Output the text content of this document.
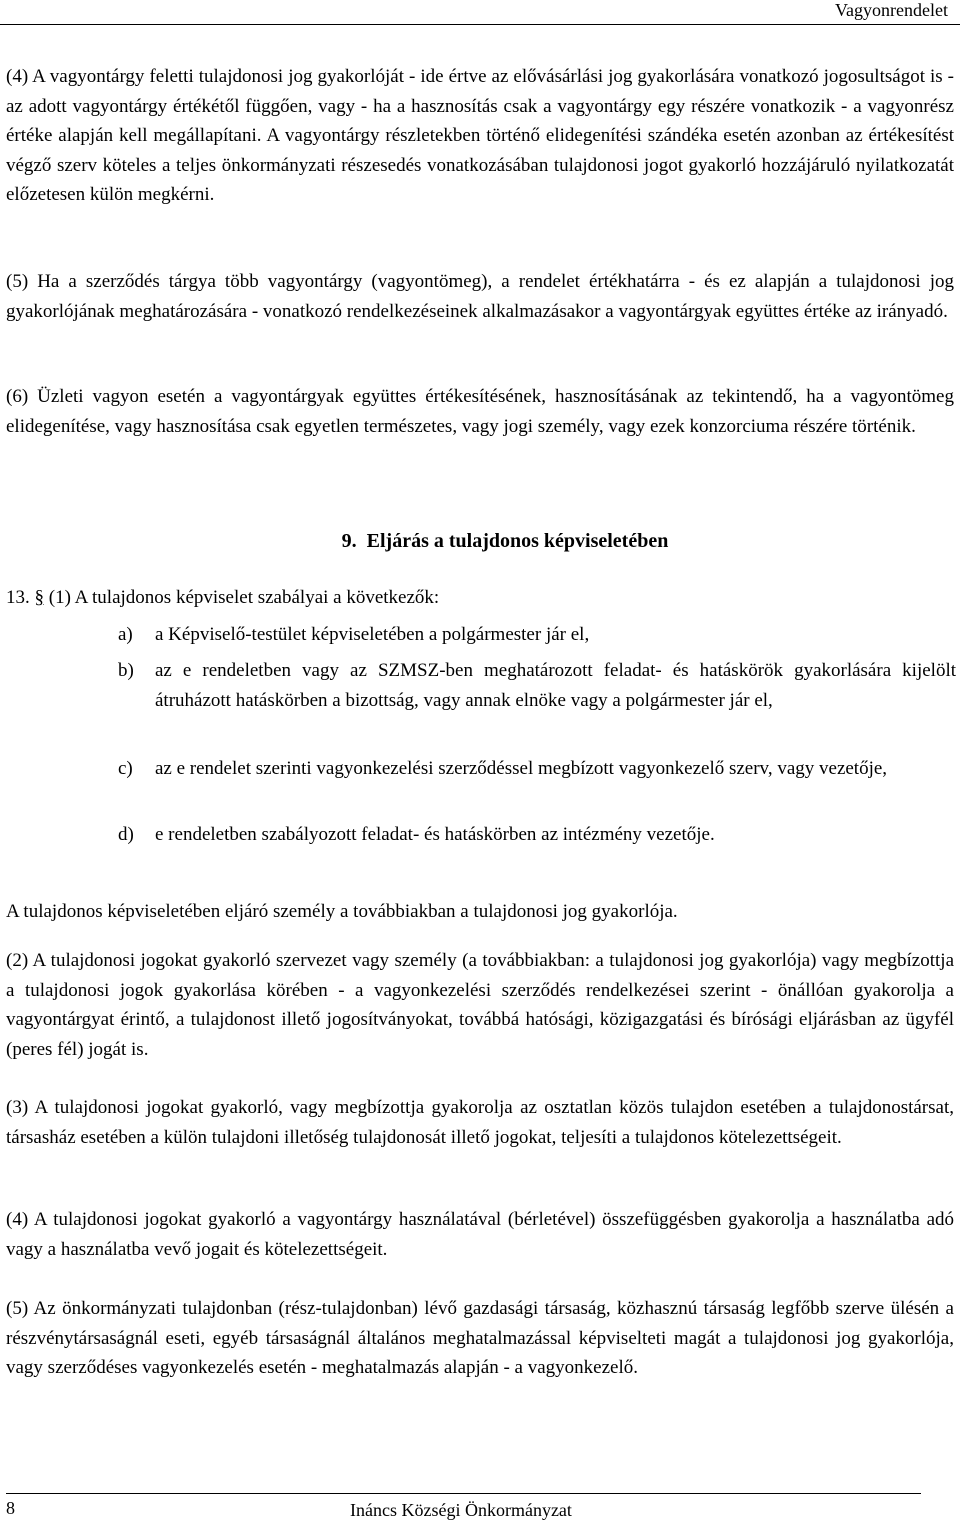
Vagyonrendelet

(4) A vagyontárgy feletti tulajdonosi jog gyakorlóját - ide értve az elővásárlási jog gyakorlására vonatkozó jogosultságot is - az adott vagyontárgy értékétől függően, vagy - ha a hasznosítás csak a vagyontárgy egy részére vonatkozik - a vagyonrész értéke alapján kell megállapítani. A vagyontárgy részletekben történő elidegenítési szándéka esetén azonban az értékesítést végző szerv köteles a teljes önkormányzati részesedés vonatkozásában tulajdonosi jogot gyakorló hozzájáruló nyilatkozatát előzetesen külön megkérni.

(5) Ha a szerződés tárgya több vagyontárgy (vagyontömeg), a rendelet értékhatárra - és ez alapján a tulajdonosi jog gyakorlójának meghatározására - vonatkozó rendelkezéseinek alkalmazásakor a vagyontárgyak együttes értéke az irányadó.

(6) Üzleti vagyon esetén a vagyontárgyak együttes értékesítésének, hasznosításának az tekintendő, ha a vagyontömeg elidegenítése, vagy hasznosítása csak egyetlen természetes, vagy jogi személy, vagy ezek konzorciuma részére történik.

9. Eljárás a tulajdonos képviseletében
13. § (1) A tulajdonos képviselet szabályai a következők:
a)	a Képviselő-testület képviseletében a polgármester jár el,
b)	az e rendeletben vagy az SZMSZ-ben meghatározott feladat- és hatáskörök gyakorlására kijelölt átruházott hatáskörben a bizottság, vagy annak elnöke vagy a polgármester jár el,
c)	az e rendelet szerinti vagyonkezelési szerződéssel megbízott vagyonkezelő szerv, vagy vezetője,
d)	e rendeletben szabályozott feladat- és hatáskörben az intézmény vezetője.

A tulajdonos képviseletében eljáró személy a továbbiakban a tulajdonosi jog gyakorlója.

(2) A tulajdonosi jogokat gyakorló szervezet vagy személy (a továbbiakban: a tulajdonosi jog gyakorlója) vagy megbízottja a tulajdonosi jogok gyakorlása körében - a vagyonkezelési szerződés rendelkezései szerint - önállóan gyakorolja a vagyontárgyat érintő, a tulajdonost illető jogosítványokat, továbbá hatósági, közigazgatási és bírósági eljárásban az ügyfél (peres fél) jogát is.

(3) A tulajdonosi jogokat gyakorló, vagy megbízottja gyakorolja az osztatlan közös tulajdon esetében a tulajdonostársat, társasház esetében a külön tulajdoni illetőség tulajdonosát illető jogokat, teljesíti a tulajdonos kötelezettségeit.

(4) A tulajdonosi jogokat gyakorló a vagyontárgy használatával (bérletével) összefüggésben gyakorolja a használatba adó vagy a használatba vevő jogait és kötelezettségeit.

(5) Az önkormányzati tulajdonban (rész-tulajdonban) lévő gazdasági társaság, közhasznú társaság legfőbb szerve ülésén a részvénytársaságnál eseti, egyéb társaságnál általános meghatalmazással képviselteti magát a tulajdonosi jog gyakorlója, vagy szerződéses vagyonkezelés esetén - meghatalmazás alapján - a vagyonkezelő.

8	Ináncs Községi Önkormányzat
